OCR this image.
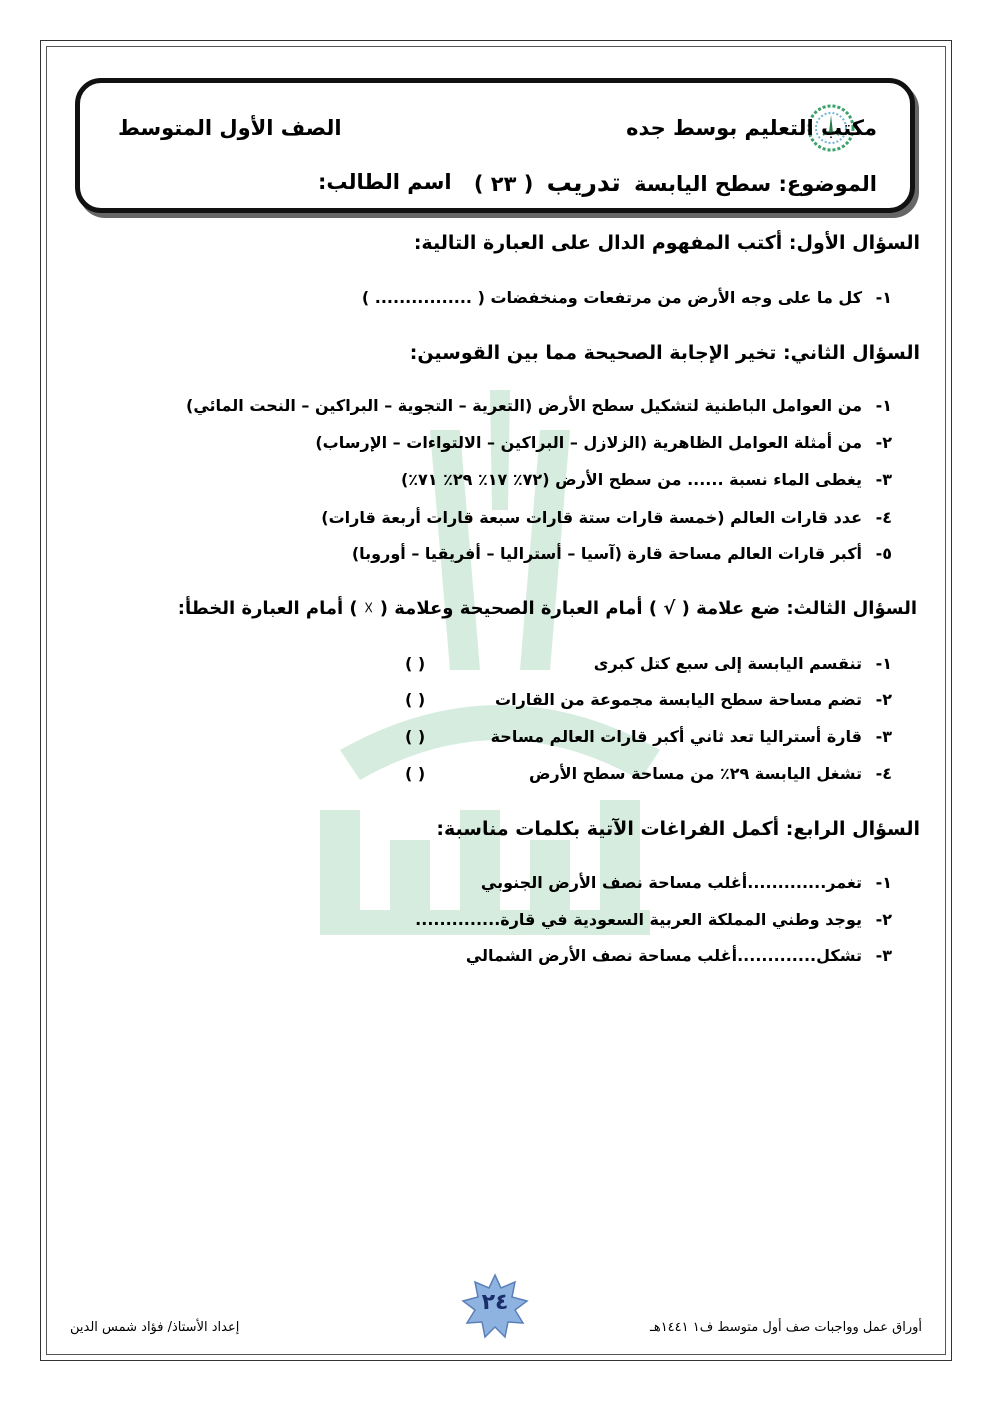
مكتب التعليم بوسط جده
الصف الأول المتوسط
الموضوع: سطح اليابسة تدريب ( ٢٣ )
اسم الطالب:
السؤال الأول: أكتب المفهوم الدال على العبارة التالية:
١-كل ما على وجه الأرض من مرتفعات ومنخفضات ( ................ )
السؤال الثاني: تخير الإجابة الصحيحة مما بين القوسين:
١-من العوامل الباطنية لتشكيل سطح الأرض (التعرية – التجوية – البراكين – النحت المائي)
٢-من أمثلة العوامل الظاهرية (الزلازل – البراكين – الالتواءات – الإرساب)
٣-يغطى الماء نسبة ...... من سطح الأرض (٧٢٪ ١٧٪ ٢٩٪ ٧١٪)
٤-عدد قارات العالم (خمسة قارات ستة قارات سبعة قارات أربعة قارات)
٥-أكبر قارات العالم مساحة قارة (آسيا – أستراليا – أفريقيا – أوروبا)
السؤال الثالث: ضع علامة ( √ ) أمام العبارة الصحيحة وعلامة ( ☓ ) أمام العبارة الخطأ:
١-تنقسم اليابسة إلى سبع كتل كبرى
( )
٢-تضم مساحة سطح اليابسة مجموعة من القارات
( )
٣-قارة أستراليا تعد ثاني أكبر قارات العالم مساحة
( )
٤-تشغل اليابسة ٢٩٪ من مساحة سطح الأرض
( )
السؤال الرابع: أكمل الفراغات الآتية بكلمات مناسبة:
١-تغمر.............أغلب مساحة نصف الأرض الجنوبي
٢-يوجد وطني المملكة العربية السعودية في قارة..............
٣-تشكل.............أغلب مساحة نصف الأرض الشمالي
٢٤
أوراق عمل وواجبات صف أول متوسط ف١ ١٤٤١هـ
إعداد الأستاذ/ فؤاد شمس الدين
